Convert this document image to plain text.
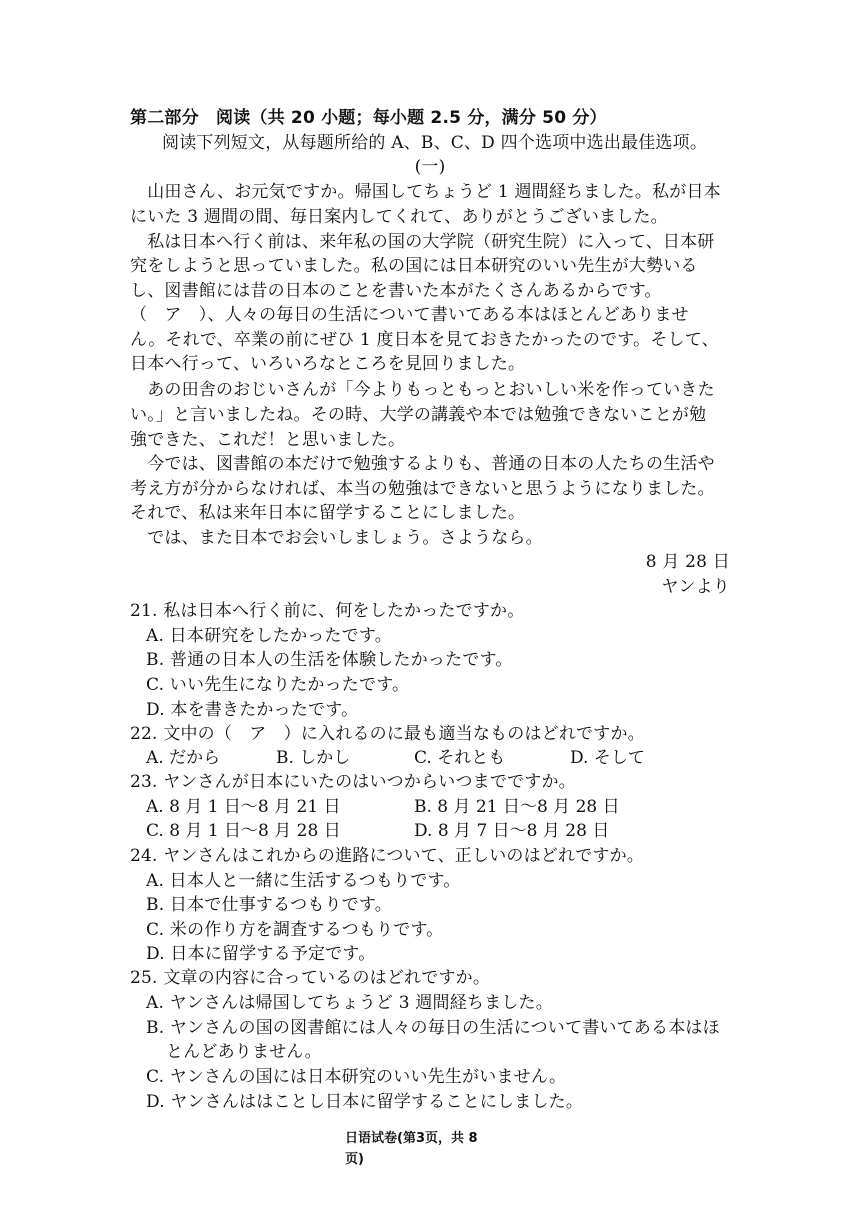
第二部分　阅读（共 20 小题；每小题 2.5 分，满分 50 分）
阅读下列短文，从每题所给的 A、B、C、D 四个选项中选出最佳选项。
(一)
　山田さん、お元気ですか。帰国してちょうど 1 週間経ちました。私が日本
にいた 3 週間の間、毎日案内してくれて、ありがとうございました。
　私は日本へ行く前は、来年私の国の大学院（研究生院）に入って、日本研
究をしようと思っていました。私の国には日本研究のいい先生が大勢いる
し、図書館には昔の日本のことを書いた本がたくさんあるからです。
（　ア　）、人々の毎日の生活について書いてある本はほとんどありませ
ん。それで、卒業の前にぜひ 1 度日本を見ておきたかったのです。そして、
日本へ行って、いろいろなところを見回りました。
　あの田舎のおじいさんが「今よりもっともっとおいしい米を作っていきた
い。」と言いましたね。その時、大学の講義や本では勉強できないことが勉
強できた、これだ！と思いました。
　今では、図書館の本だけで勉強するよりも、普通の日本の人たちの生活や
考え方が分からなければ、本当の勉強はできないと思うようになりました。
それで、私は来年日本に留学することにしました。
　では、また日本でお会いしましょう。さようなら。
8 月 28 日
ヤンより
21. 私は日本へ行く前に、何をしたかったですか。
A. 日本研究をしたかったです。
B. 普通の日本人の生活を体験したかったです。
C. いい先生になりたかったです。
D. 本を書きたかったです。
22. 文中の（　ア　）に入れるのに最も適当なものはどれですか。
A. だから	B. しかし	C. それとも	D. そして
23. ヤンさんが日本にいたのはいつからいつまでですか。
A. 8 月 1 日～8 月 21 日	B. 8 月 21 日～8 月 28 日
C. 8 月 1 日～8 月 28 日	D. 8 月 7 日～8 月 28 日
24. ヤンさんはこれからの進路について、正しいのはどれですか。
A. 日本人と一緒に生活するつもりです。
B. 日本で仕事するつもりです。
C. 米の作り方を調査するつもりです。
D. 日本に留学する予定です。
25. 文章の内容に合っているのはどれですか。
A. ヤンさんは帰国してちょうど 3 週間経ちました。
B. ヤンさんの国の図書館には人々の毎日の生活について書いてある本はほ
とんどありません。
C. ヤンさんの国には日本研究のいい先生がいません。
D. ヤンさんははことし日本に留学することにしました。
日语试卷(第3页，共 8
页)
